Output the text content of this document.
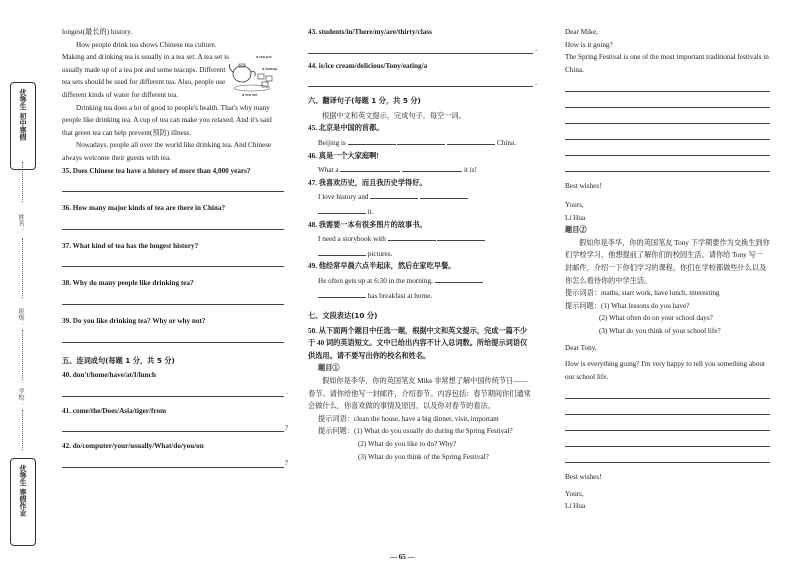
优等生 初中寒假
姓名：
班级：
学校：
优等生 寒假作业
a tea pot
a teacup
a tea set

longest(最长的) history.

How people drink tea shows Chinese tea culture. Making and drinking tea is usually in a tea set. A tea set is usually made up of a tea pot and some teacups. Different tea sets should be used for different tea. Also, people use different kinds of water for different tea.

Drinking tea does a lot of good to people's health. That's why many people like drinking tea. A cup of tea can make you relaxed. And it's said that green tea can help prevent(预防) illness.

Nowadays, people all over the world like drinking tea. And Chinese always welcome their guests with tea.

35. Does Chinese tea have a history of more than 4,000 years?

36. How many major kinds of tea are there in China?

37. What kind of tea has the longest history?

38. Why do many people like drinking tea?

39. Do you like drinking tea? Why or why not?

五、连词成句(每题 1 分，共 5 分)

40. don't/home/have/at/I/lunch

.

41. come/the/Does/Asia/tiger/from

?

42. do/computer/your/usually/What/do/you/on

?

43. students/in/There/my/are/thirty/class

.

44. is/ice cream/delicious/Tony/eating/a

.

六、翻译句子(每题 1 分，共 5 分)

根据中文和英文提示，完成句子。每空一词。

45. 北京是中国的首都。

Beijing is	China.

46. 真是一个大家庭啊!

What a	it is!

47. 我喜欢历史，而且我历史学得好。

I love history and

it.

48. 我需要一本有很多图片的故事书。

I need a storybook with

pictures.

49. 他经常早晨六点半起床，然后在家吃早餐。

He often gets up at 6:30 in the morning,

has breakfast at home.

七、文段表达(10 分)

50. 从下面两个题目中任选一题，根据中文和英文提示，完成一篇不少于 40 词的英语短文。文中已给出内容不计入总词数。所给提示词语仅供选用。请不要写出你的校名和姓名。

题目①

假如你是李华，你的英国笔友 Mike 非常想了解中国传统节日——春节。请你给他写一封邮件，介绍春节。内容包括：春节期间你们通常会做什么，你喜欢做的事情及原因，以及你对春节的看法。

提示词语：clean the house, have a big dinner, visit, important

提示问题：(1) What do you usually do during the Spring Festival?

(2) What do you like to do? Why?

(3) What do you think of the Spring Festival?

— 65 —

Dear Mike,

How is it going?

The Spring Festival is one of the most important traditional festivals in China.

Best wishes!

Yours,

Li Hua

题目②

假如你是李华，你的英国笔友 Tony 下学期要作为交换生到你们学校学习，他想提前了解你们的校园生活。请你给 Tony 写一封邮件，介绍一下你们学习的课程，你们在学校都做些什么以及你怎么看待你的中学生活。

提示词语：maths, start work, have lunch, interesting

提示问题：(1) What lessons do you have?

(2) What often do on your school days?

(3) What do you think of your school life?

Dear Tony,

How is everything going? I'm very happy to tell you something about our school life.

Best wishes!

Yours,

Li Hua
